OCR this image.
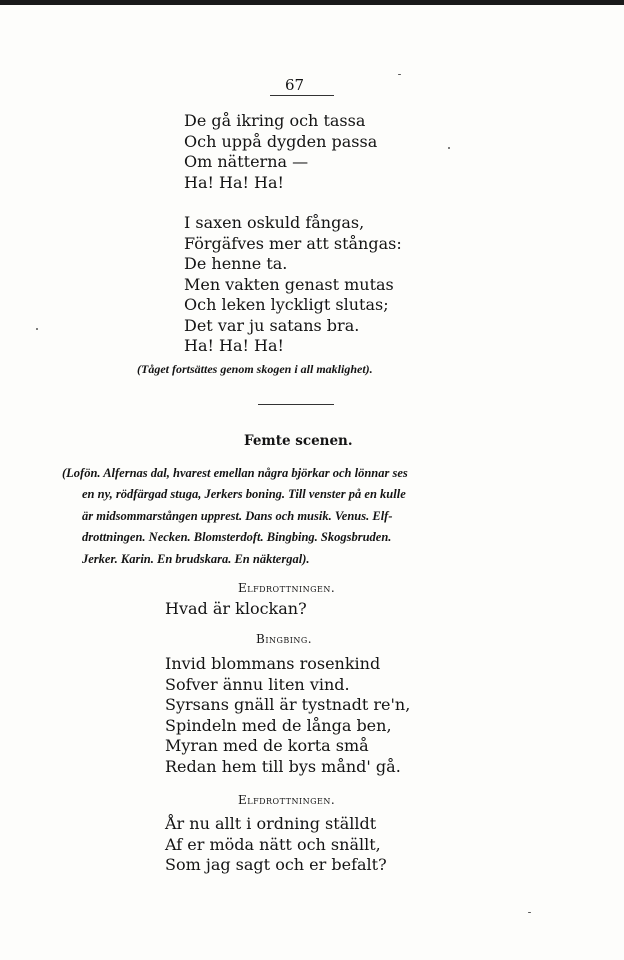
67
De gå ikring och tassa
Och uppå dygden passa
Om nätterna —
Ha! Ha! Ha!
I saxen oskuld fångas,
Förgäfves mer att stångas:
De henne ta.
Men vakten genast mutas
Och leken lyckligt slutas;
Det var ju satans bra.
Ha! Ha! Ha!
(Tåget fortsättes genom skogen i all maklighet).
Femte scenen.
(Lofön. Alfernas dal, hvarest emellan några björkar och lönnar ses
en ny, rödfärgad stuga, Jerkers boning. Till venster på en kulle
är midsommarstången upprest. Dans och musik. Venus. Elf-
drottningen. Necken. Blomsterdoft. Bingbing. Skogsbruden.
Jerker. Karin. En brudskara. En näktergal).
Elfdrottningen.
Hvad är klockan?
Bingbing.
Invid blommans rosenkind
Sofver ännu liten vind.
Syrsans gnäll är tystnadt re'n,
Spindeln med de långa ben,
Myran med de korta små
Redan hem till bys månd' gå.
Elfdrottningen.
År nu allt i ordning ställdt
Af er möda nätt och snällt,
Som jag sagt och er befalt?
